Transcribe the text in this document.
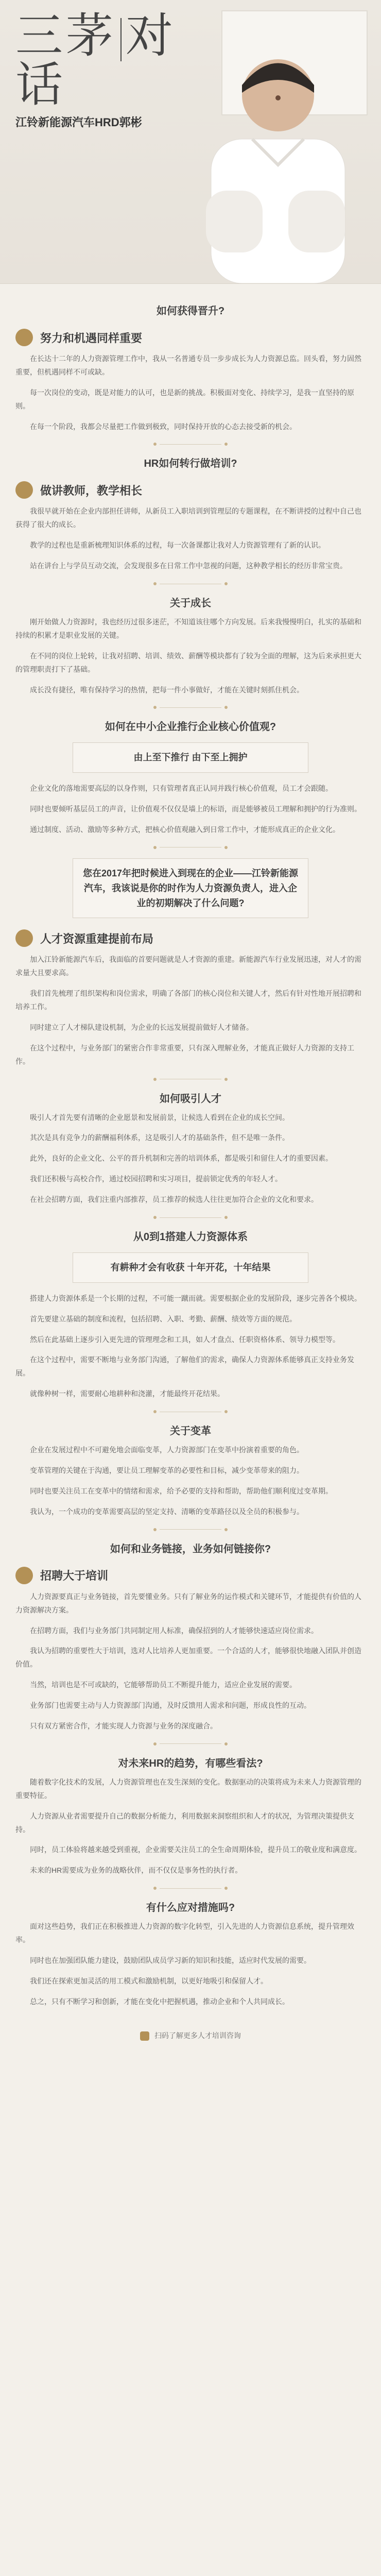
三茅 对话
江铃新能源汽车HRD郭彬
如何获得晋升?
努力和机遇同样重要

在长达十二年的人力资源管理工作中，我从一名普通专员一步步成长为人力资源总监。回头看，努力固然重要，但机遇同样不可或缺。

每一次岗位的变动，既是对能力的认可，也是新的挑战。积极面对变化、持续学习，是我一直坚持的原则。

在每一个阶段，我都会尽量把工作做到极致，同时保持开放的心态去接受新的机会。

HR如何转行做培训?
做讲教师，教学相长

我很早就开始在企业内部担任讲师，从新员工入职培训到管理层的专题课程，在不断讲授的过程中自己也获得了很大的成长。

教学的过程也是重新梳理知识体系的过程，每一次备课都让我对人力资源管理有了新的认识。

站在讲台上与学员互动交流，会发现很多在日常工作中忽视的问题，这种教学相长的经历非常宝贵。

关于成长

刚开始做人力资源时，我也经历过很多迷茫，不知道该往哪个方向发展。后来我慢慢明白，扎实的基础和持续的积累才是职业发展的关键。

在不同的岗位上轮转，让我对招聘、培训、绩效、薪酬等模块都有了较为全面的理解，这为后来承担更大的管理职责打下了基础。

成长没有捷径，唯有保持学习的热情，把每一件小事做好，才能在关键时刻抓住机会。

如何在中小企业推行企业核心价值观?
由上至下推行 由下至上拥护

企业文化的落地需要高层的以身作则，只有管理者真正认同并践行核心价值观，员工才会跟随。

同时也要倾听基层员工的声音，让价值观不仅仅是墙上的标语，而是能够被员工理解和拥护的行为准则。

通过制度、活动、激励等多种方式，把核心价值观融入到日常工作中，才能形成真正的企业文化。

您在2017年把时候进入到现在的企业——江铃新能源汽车，我该说是你的时作为人力资源负责人，进入企业的初期解决了什么问题?
人才资源重建提前布局

加入江铃新能源汽车后，我面临的首要问题就是人才资源的重建。新能源汽车行业发展迅速，对人才的需求量大且要求高。

我们首先梳理了组织架构和岗位需求，明确了各部门的核心岗位和关键人才，然后有针对性地开展招聘和培养工作。

同时建立了人才梯队建设机制，为企业的长远发展提前做好人才储备。

在这个过程中，与业务部门的紧密合作非常重要，只有深入理解业务，才能真正做好人力资源的支持工作。

如何吸引人才

吸引人才首先要有清晰的企业愿景和发展前景，让候选人看到在企业的成长空间。

其次是具有竞争力的薪酬福利体系，这是吸引人才的基础条件，但不是唯一条件。

此外，良好的企业文化、公平的晋升机制和完善的培训体系，都是吸引和留住人才的重要因素。

我们还积极与高校合作，通过校园招聘和实习项目，提前锁定优秀的年轻人才。

在社会招聘方面，我们注重内部推荐，员工推荐的候选人往往更加符合企业的文化和要求。

从0到1搭建人力资源体系
有耕种才会有收获 十年开花，十年结果

搭建人力资源体系是一个长期的过程，不可能一蹴而就。需要根据企业的发展阶段，逐步完善各个模块。

首先要建立基础的制度和流程，包括招聘、入职、考勤、薪酬、绩效等方面的规范。

然后在此基础上逐步引入更先进的管理理念和工具，如人才盘点、任职资格体系、领导力模型等。

在这个过程中，需要不断地与业务部门沟通，了解他们的需求，确保人力资源体系能够真正支持业务发展。

就像种树一样，需要耐心地耕种和浇灌，才能最终开花结果。

关于变革

企业在发展过程中不可避免地会面临变革，人力资源部门在变革中扮演着重要的角色。

变革管理的关键在于沟通，要让员工理解变革的必要性和目标，减少变革带来的阻力。

同时也要关注员工在变革中的情绪和需求，给予必要的支持和帮助，帮助他们顺利度过变革期。

我认为，一个成功的变革需要高层的坚定支持、清晰的变革路径以及全员的积极参与。

如何和业务链接，业务如何链接你?
招聘大于培训

人力资源要真正与业务链接，首先要懂业务。只有了解业务的运作模式和关键环节，才能提供有价值的人力资源解决方案。

在招聘方面，我们与业务部门共同制定用人标准，确保招到的人才能够快速适应岗位需求。

我认为招聘的重要性大于培训，选对人比培养人更加重要。一个合适的人才，能够很快地融入团队并创造价值。

当然，培训也是不可或缺的，它能够帮助员工不断提升能力，适应企业发展的需要。

业务部门也需要主动与人力资源部门沟通，及时反馈用人需求和问题，形成良性的互动。

只有双方紧密合作，才能实现人力资源与业务的深度融合。

对未来HR的趋势，有哪些看法?

随着数字化技术的发展，人力资源管理也在发生深刻的变化。数据驱动的决策将成为未来人力资源管理的重要特征。

人力资源从业者需要提升自己的数据分析能力，利用数据来洞察组织和人才的状况，为管理决策提供支持。

同时，员工体验将越来越受到重视，企业需要关注员工的全生命周期体验，提升员工的敬业度和满意度。

未来的HR需要成为业务的战略伙伴，而不仅仅是事务性的执行者。

有什么应对措施吗?

面对这些趋势，我们正在积极推进人力资源的数字化转型，引入先进的人力资源信息系统，提升管理效率。

同时也在加强团队能力建设，鼓励团队成员学习新的知识和技能，适应时代发展的需要。

我们还在探索更加灵活的用工模式和激励机制，以更好地吸引和保留人才。

总之，只有不断学习和创新，才能在变化中把握机遇，推动企业和个人共同成长。

扫码了解更多人才培训咨询
